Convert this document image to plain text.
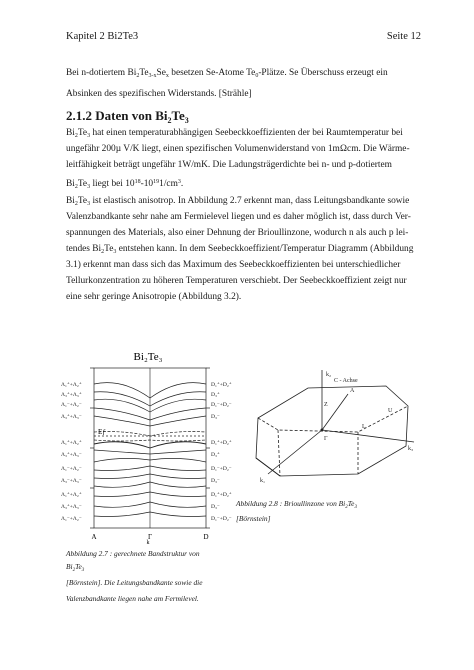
Kapitel 2 Bi2Te3	Seite 12
Bei n-dotiertem $Bi_2Te_{3-x}Se_x$ besetzen Se-Atome $Te_0$-Plätze. Se Überschuss erzeugt ein
Absinken des spezifischen Widerstands. [Strähle]
2.1.2 Daten von $Bi_2Te_3$
$Bi_2Te_3$ hat einen temperaturabhängigen Seebeckkoeffizienten der bei Raumtemperatur bei
ungefähr 200µ V/K liegt, einen spezifischen Volumenwiderstand von 1mΩcm. Die Wärme-
leitfähigkeit beträgt ungefähr 1W/mK. Die Ladungsträgerdichte bei n- und p-dotiertem
$Bi_2Te_3$ liegt bei $10^{18}-10^{19}1/cm^3$.
$Bi_2Te_3$ ist elastisch anisotrop. In Abbildung 2.7 erkennt man, dass Leitungsbandkante sowie
Valenzbandkante sehr nahe am Fermielevel liegen und es daher möglich ist, dass durch Ver-
spannungen des Materials, also einer Dehnung der Brioullinzone, wodurch n als auch p lei-
tendes $Bi_2Te_3$ entstehen kann. In dem Seebeckkoeffizient/Temperatur Diagramm (Abbildung
3.1) erkennt man dass sich das Maximum des Seebeckkoeffizienten bei unterschiedlicher
Tellurkonzentration zu höheren Temperaturen verschiebt. Der Seebeckkoeffizient zeigt nur
eine sehr geringe Anisotropie (Abbildung 3.2).
Bi₂Te₃
Eƒ
Λ₁⁺+Λ₂⁺
Λ₃⁺+Λ₃⁺
Λ₁⁻+Λ₂⁻
Λ₃⁺+Λ₃⁻
Λ₁⁺+Λ₂⁺
Λ₃⁺+Λ₃⁻
Λ₁⁻+Λ₂⁻
Λ₃⁻+Λ₃⁻
Λ₁⁺+Λ₂⁺
Λ₃⁺+Λ₃⁻
Λ₁⁻+Λ₂⁻
D₁⁺+D₂⁺
D₃⁺
D₁⁻+D₂⁻
D₃⁻
D₁⁺+D₂⁺
D₃⁺
D₁⁻+D₂⁻
D₃⁻
D₁⁺+D₂⁺
D₃⁻
D₁⁻+D₂⁻
A	Γ	D
k
k₂
k₃
k₁
C - Achse
Γ
Z
A
L
U
Abbildung 2.8 : Brioullinzone von $Bi_2Te_3$
[Börnstein]
Abbildung 2.7 : gerechnete Bandstruktur von
$Bi_2Te_3$
[Börnstein]. Die Leitungsbandkante sowie die
Valenzbandkante liegen nahe am Fermilevel.
